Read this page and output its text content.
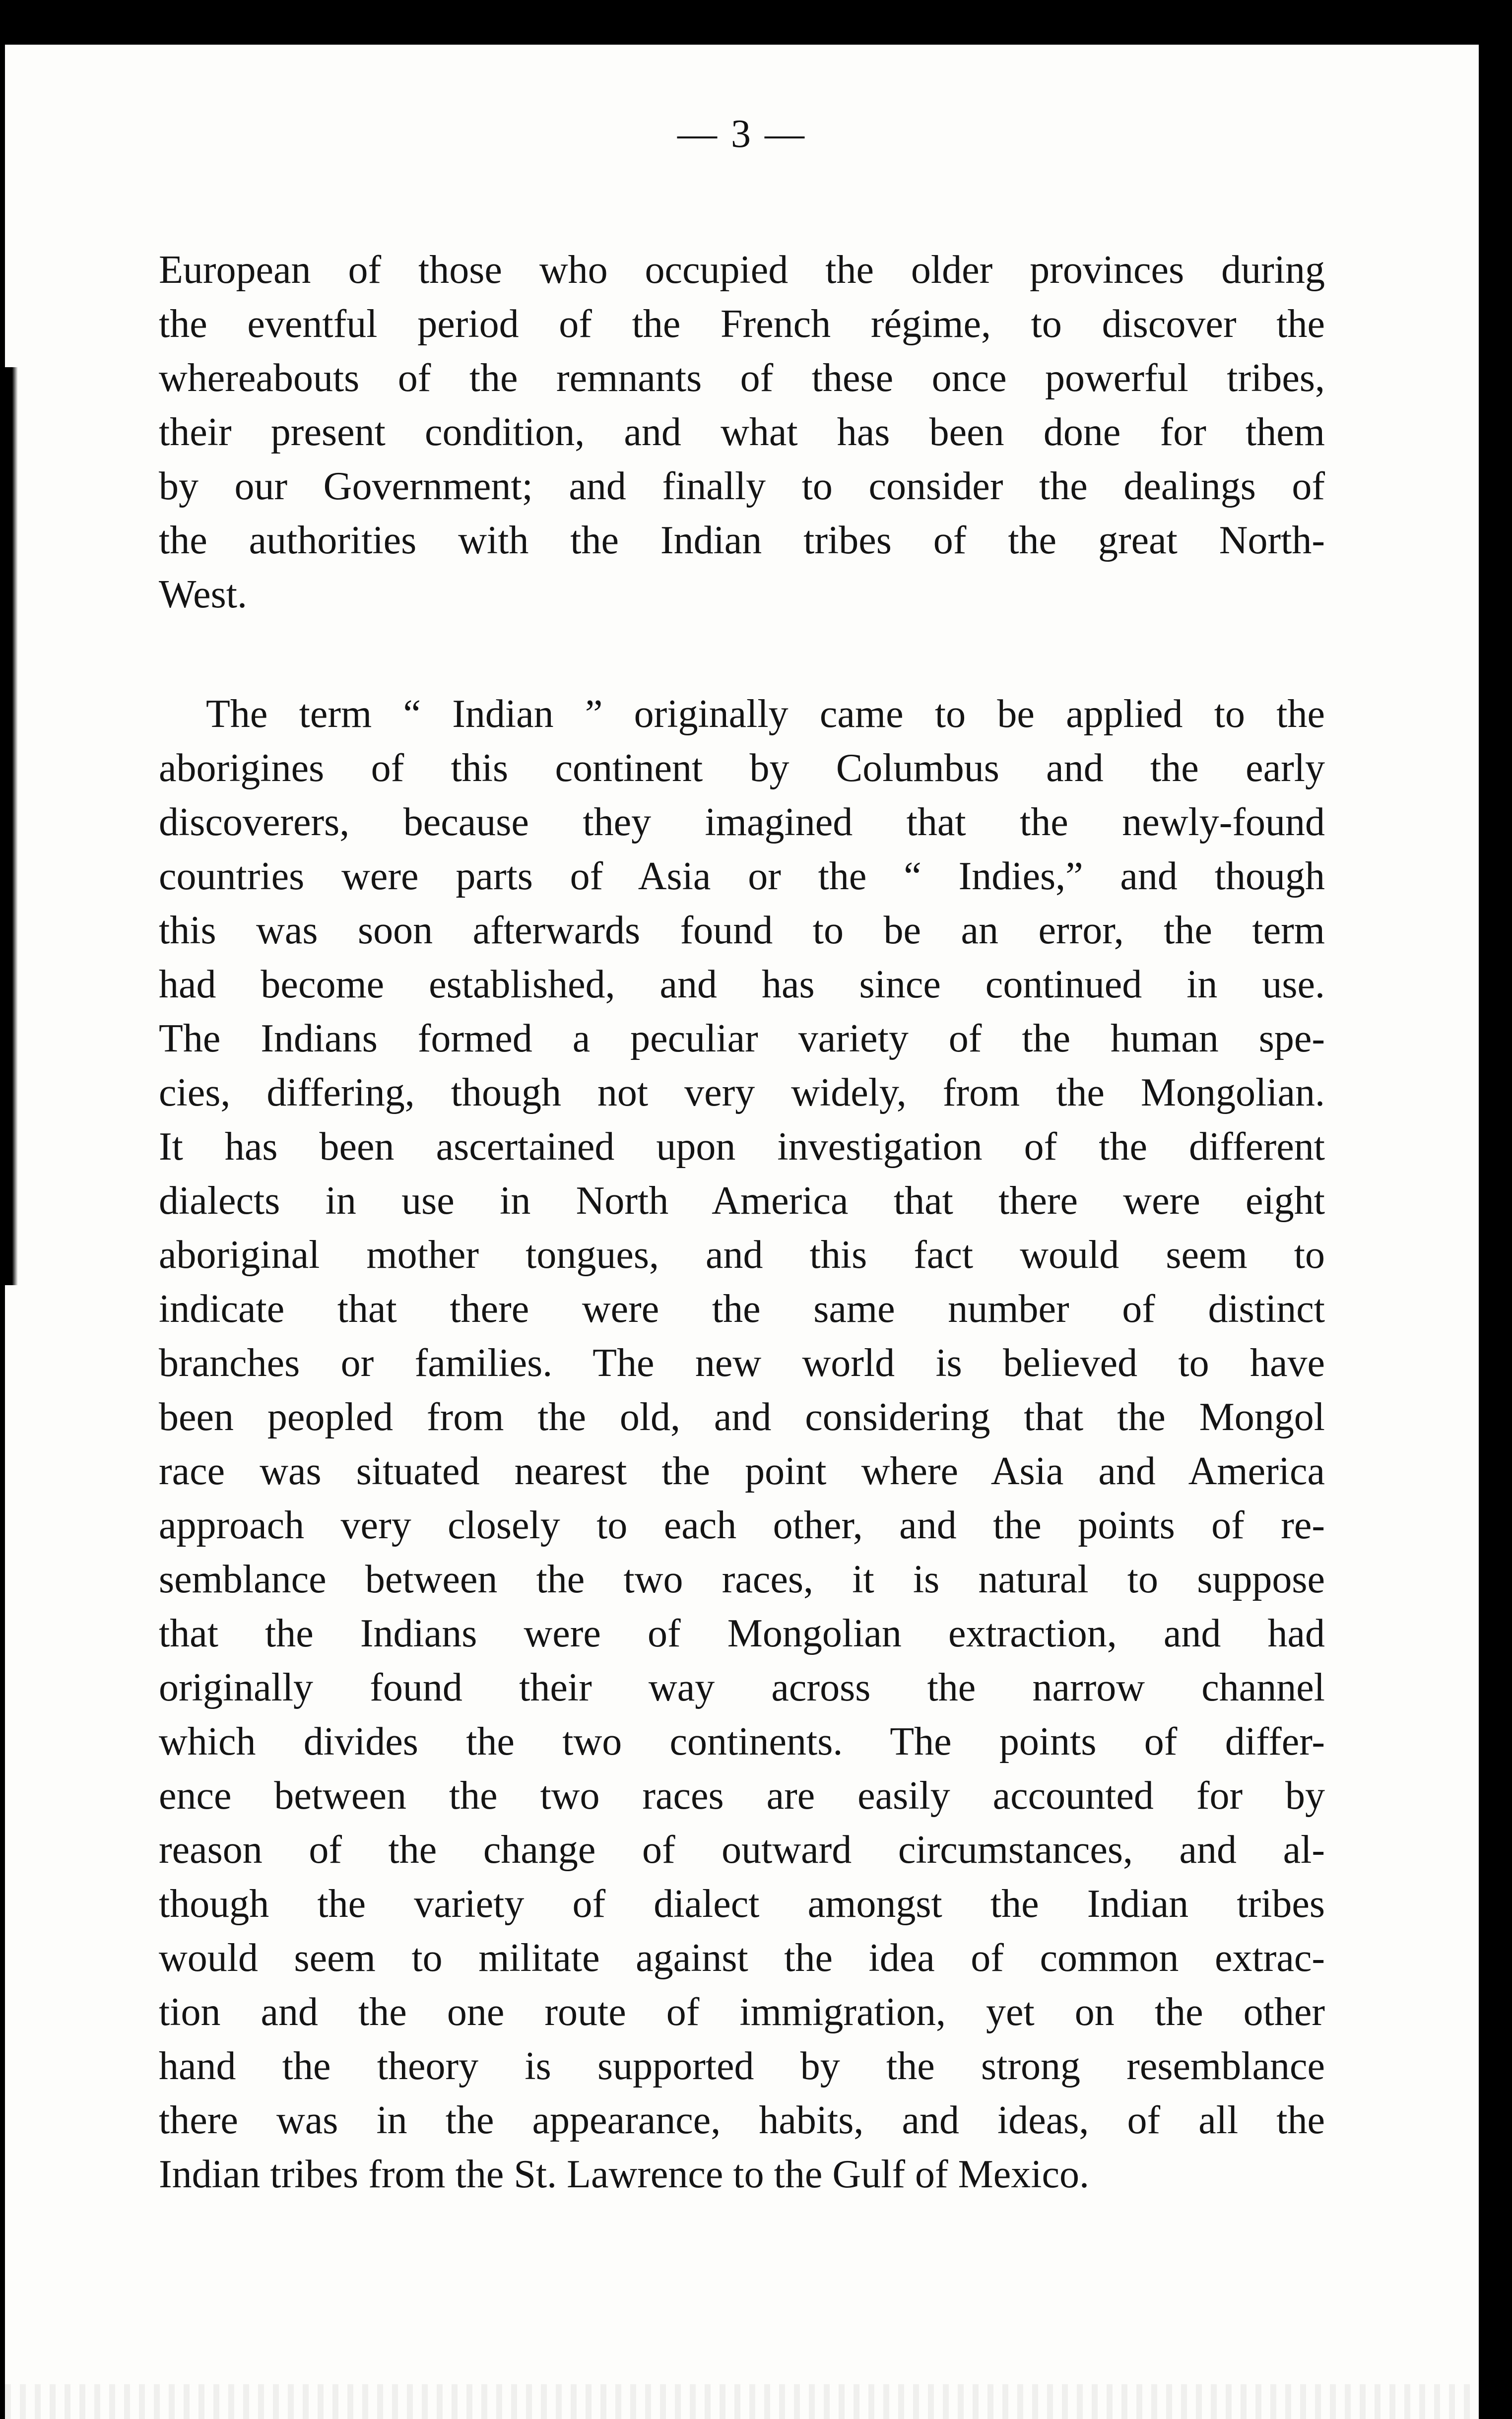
— 3 —
European of those who occupied the older provinces during
the eventful period of the French régime, to discover the
whereabouts of the remnants of these once powerful tribes,
their present condition, and what has been done for them
by our Government; and finally to consider the dealings of
the authorities with the Indian tribes of the great North-
West.
The term “ Indian ” originally came to be applied to the
aborigines of this continent by Columbus and the early
discoverers, because they imagined that the newly-found
countries were parts of Asia or the “ Indies,” and though
this was soon afterwards found to be an error, the term
had become established, and has since continued in use.
The Indians formed a peculiar variety of the human spe-
cies, differing, though not very widely, from the Mongolian.
It has been ascertained upon investigation of the different
dialects in use in North America that there were eight
aboriginal mother tongues, and this fact would seem to
indicate that there were the same number of distinct
branches or families. The new world is believed to have
been peopled from the old, and considering that the Mongol
race was situated nearest the point where Asia and America
approach very closely to each other, and the points of re-
semblance between the two races, it is natural to suppose
that the Indians were of Mongolian extraction, and had
originally found their way across the narrow channel
which divides the two continents. The points of differ-
ence between the two races are easily accounted for by
reason of the change of outward circumstances, and al-
though the variety of dialect amongst the Indian tribes
would seem to militate against the idea of common extrac-
tion and the one route of immigration, yet on the other
hand the theory is supported by the strong resemblance
there was in the appearance, habits, and ideas, of all the
Indian tribes from the St. Lawrence to the Gulf of Mexico.
